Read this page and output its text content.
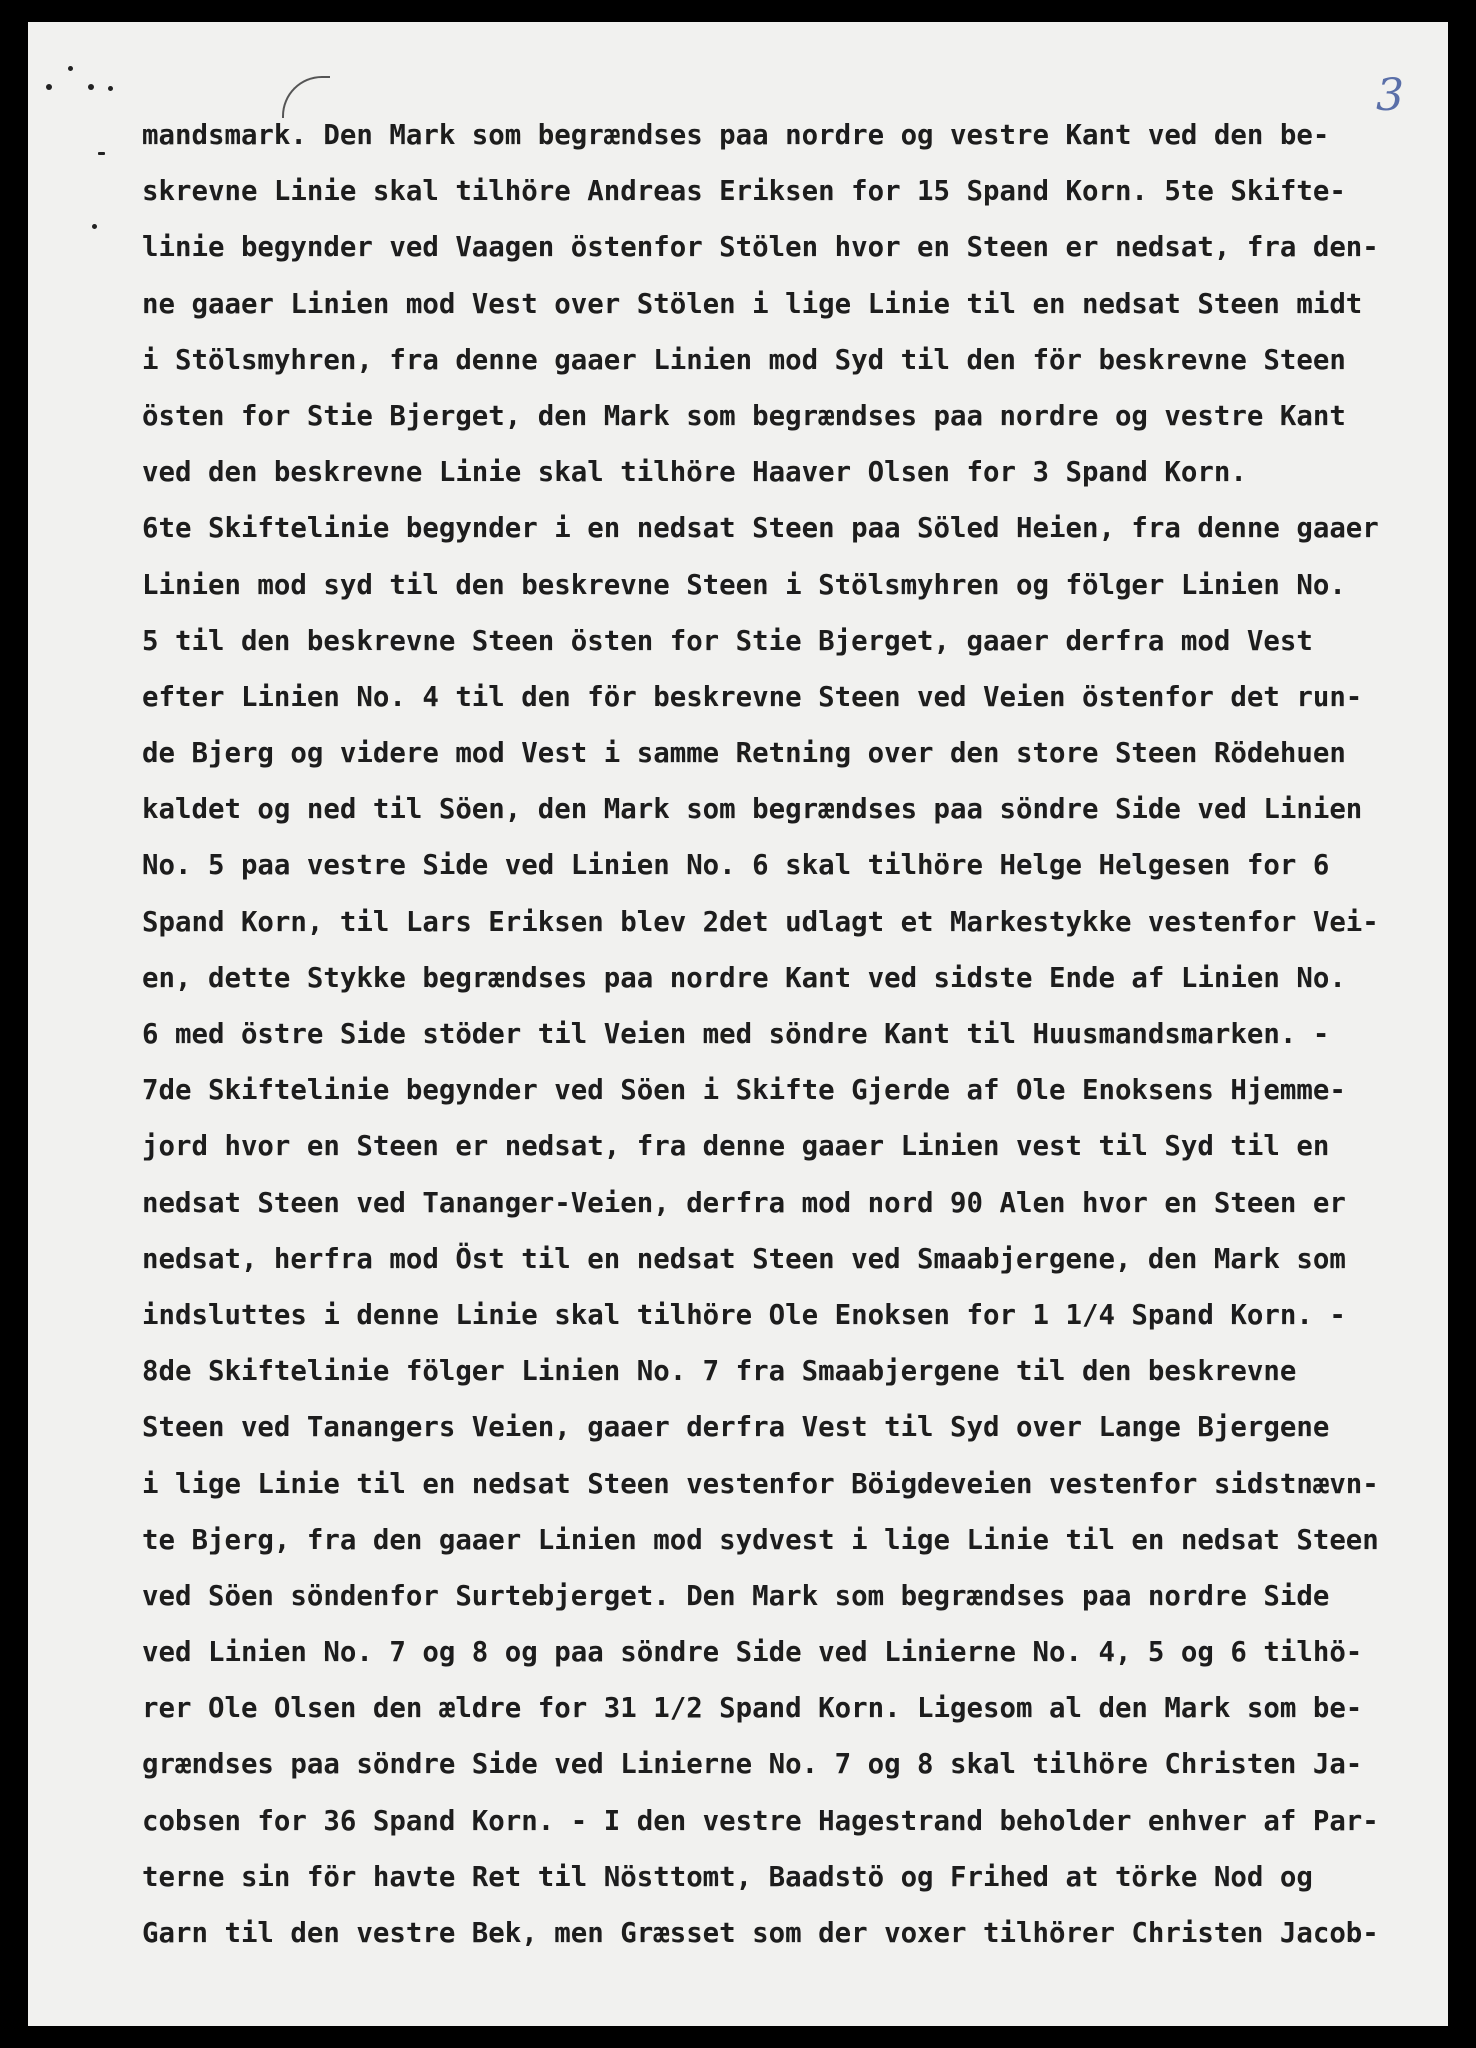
3
mandsmark. Den Mark som begrændses paa nordre og vestre Kant ved den be-
skrevne Linie skal tilhöre Andreas Eriksen for 15 Spand Korn. 5te Skifte-
linie begynder ved Vaagen östenfor Stölen hvor en Steen er nedsat, fra den-
ne gaaer Linien mod Vest over Stölen i lige Linie til en nedsat Steen midt
i Stölsmyhren, fra denne gaaer Linien mod Syd til den för beskrevne Steen
östen for Stie Bjerget, den Mark som begrændses paa nordre og vestre Kant
ved den beskrevne Linie skal tilhöre Haaver Olsen for 3 Spand Korn.
6te Skiftelinie begynder i en nedsat Steen paa Söled Heien, fra denne gaaer
Linien mod syd til den beskrevne Steen i Stölsmyhren og fölger Linien No.
5 til den beskrevne Steen östen for Stie Bjerget, gaaer derfra mod Vest
efter Linien No. 4 til den för beskrevne Steen ved Veien östenfor det run-
de Bjerg og videre mod Vest i samme Retning over den store Steen Rödehuen
kaldet og ned til Söen, den Mark som begrændses paa söndre Side ved Linien
No. 5 paa vestre Side ved Linien No. 6 skal tilhöre Helge Helgesen for 6
Spand Korn, til Lars Eriksen blev 2det udlagt et Markestykke vestenfor Vei-
en, dette Stykke begrændses paa nordre Kant ved sidste Ende af Linien No.
6 med östre Side stöder til Veien med söndre Kant til Huusmandsmarken. -
7de Skiftelinie begynder ved Söen i Skifte Gjerde af Ole Enoksens Hjemme-
jord hvor en Steen er nedsat, fra denne gaaer Linien vest til Syd til en
nedsat Steen ved Tananger-Veien, derfra mod nord 90 Alen hvor en Steen er
nedsat, herfra mod Öst til en nedsat Steen ved Smaabjergene, den Mark som
indsluttes i denne Linie skal tilhöre Ole Enoksen for 1 1/4 Spand Korn. -
8de Skiftelinie fölger Linien No. 7 fra Smaabjergene til den beskrevne
Steen ved Tanangers Veien, gaaer derfra Vest til Syd over Lange Bjergene
i lige Linie til en nedsat Steen vestenfor Böigdeveien vestenfor sidstnævn-
te Bjerg, fra den gaaer Linien mod sydvest i lige Linie til en nedsat Steen
ved Söen söndenfor Surtebjerget. Den Mark som begrændses paa nordre Side
ved Linien No. 7 og 8 og paa söndre Side ved Linierne No. 4, 5 og 6 tilhö-
rer Ole Olsen den ældre for 31 1/2 Spand Korn. Ligesom al den Mark som be-
grændses paa söndre Side ved Linierne No. 7 og 8 skal tilhöre Christen Ja-
cobsen for 36 Spand Korn. - I den vestre Hagestrand beholder enhver af Par-
terne sin för havte Ret til Nösttomt, Baadstö og Frihed at törke Nod og
Garn til den vestre Bek, men Græsset som der voxer tilhörer Christen Jacob-
